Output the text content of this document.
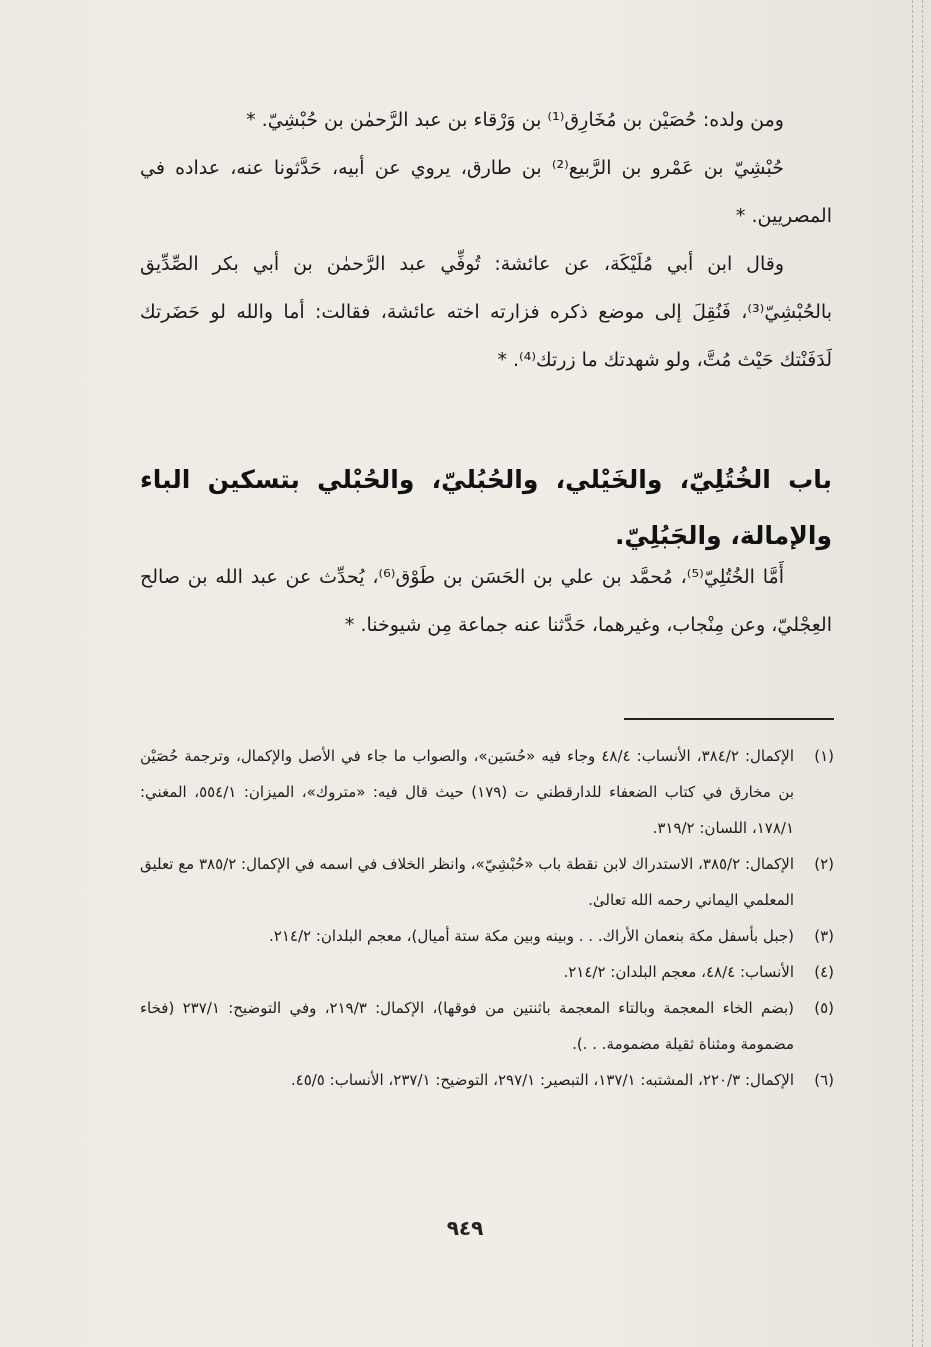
ومن ولده: حُصَيْن بن مُخَارِق⁽¹⁾ بن وَرْقاء بن عبد الرَّحمٰن بن حُبْشِيّ. *

حُبْشِيّ بن عَمْرو بن الرَّبيع⁽²⁾ بن طارق، يروي عن أبيه، حَدَّثونا عنه، عداده في المصريين. *

وقال ابن أبي مُلَيْكَة، عن عائشة: تُوفِّي عبد الرَّحمٰن بن أبي بكر الصِّدِّيق بالحُبْشِيّ⁽³⁾، فَنُقِلَ إلى موضع ذكره فزارته اخته عائشة، فقالت: أما والله لو حَضَرتك لَدَفَنْتك حَيْث مُتَّ، ولو شهدتك ما زرتك⁽⁴⁾. *

باب الخُتُلِيّ، والخَيْلي، والحُبُليّ، والحُبْلي بتسكين الباء والإمالة، والجَبُلِيّ.

أَمَّا الخُتُلِيّ⁽⁵⁾، مُحمَّد بن علي بن الحَسَن بن طَوْق⁽⁶⁾، يُحدِّث عن عبد الله بن صالح العِجْليّ، وعن مِنْجاب، وغيرهما، حَدَّثنا عنه جماعة مِن شيوخنا. *

(١)
الإكمال: ٣٨٤/٢، الأنساب: ٤٨/٤ وجاء فيه «حُسَين»، والصواب ما جاء في الأصل والإكمال، وترجمة حُصَيْن بن مخارق في كتاب الضعفاء للدارقطني ت (١٧٩) حيث قال فيه: «متروك»، الميزان: ٥٥٤/١، المغني: ١٧٨/١، اللسان: ٣١٩/٢.
(٢)
الإكمال: ٣٨٥/٢، الاستدراك لابن نقطة باب «حُبْشِيّ»، وانظر الخلاف في اسمه في الإكمال: ٣٨٥/٢ مع تعليق المعلمي اليماني رحمه الله تعالىٰ.
(٣)
(جبل بأسفل مكة بنعمان الأراك. . . وبينه وبين مكة ستة أميال)، معجم البلدان: ٢١٤/٢.
(٤)
الأنساب: ٤٨/٤، معجم البلدان: ٢١٤/٢.
(٥)
(بضم الخاء المعجمة وبالتاء المعجمة باثنتين من فوقها)، الإكمال: ٢١٩/٣، وفي التوضيح: ٢٣٧/١ (فخاء مضمومة ومثناة ثقيلة مضمومة. . .).
(٦)
الإكمال: ٢٢٠/٣، المشتبه: ١٣٧/١، التبصير: ٢٩٧/١، التوضيح: ٢٣٧/١، الأنساب: ٤٥/٥.
٩٤٩
